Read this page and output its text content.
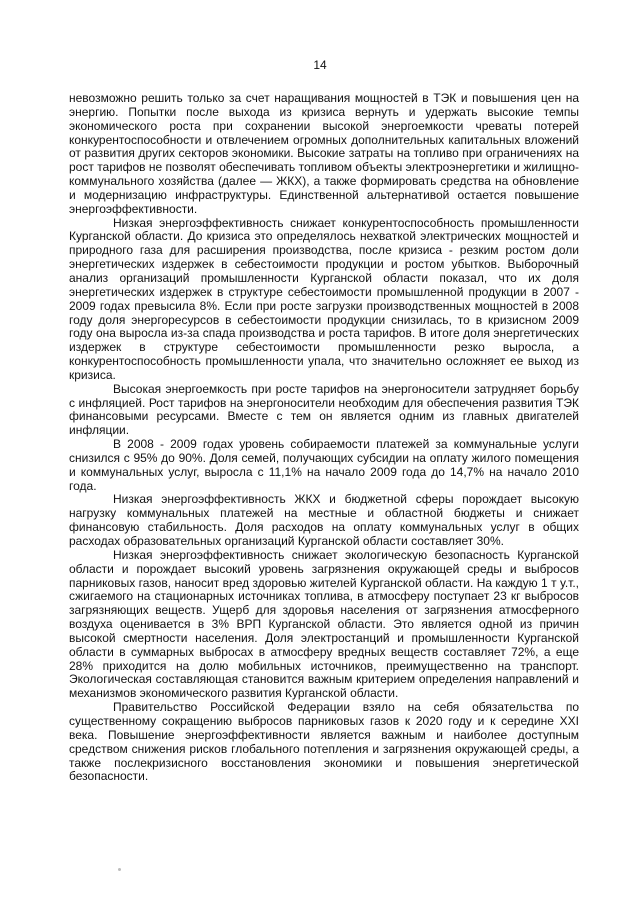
14

невозможно решить только за счет наращивания мощностей в ТЭК и повышения цен на энергию. Попытки после выхода из кризиса вернуть и удержать высокие темпы экономического роста при сохранении высокой энергоемкости чреваты потерей конкурентоспособности и отвлечением огромных дополнительных капитальных вложений от развития других секторов экономики. Высокие затраты на топливо при ограничениях на рост тарифов не позволят обеспечивать топливом объекты электроэнергетики и жилищно-коммунального хозяйства (далее — ЖКХ), а также формировать средства на обновление и модернизацию инфраструктуры. Единственной альтернативой остается повышение энергоэффективности.

Низкая энергоэффективность снижает конкурентоспособность промышленности Курганской области. До кризиса это определялось нехваткой электрических мощностей и природного газа для расширения производства, после кризиса - резким ростом доли энергетических издержек в себестоимости продукции и ростом убытков. Выборочный анализ организаций промышленности Курганской области показал, что их доля энергетических издержек в структуре себестоимости промышленной продукции в 2007 - 2009 годах превысила 8%. Если при росте загрузки производственных мощностей в 2008 году доля энергоресурсов в себестоимости продукции снизилась, то в кризисном 2009 году она выросла из-за спада производства и роста тарифов. В итоге доля энергетических издержек в структуре себестоимости промышленности резко выросла, а конкурентоспособность промышленности упала, что значительно осложняет ее выход из кризиса.

Высокая энергоемкость при росте тарифов на энергоносители затрудняет борьбу с инфляцией. Рост тарифов на энергоносители необходим для обеспечения развития ТЭК финансовыми ресурсами. Вместе с тем он является одним из главных двигателей инфляции.

В 2008 - 2009 годах уровень собираемости платежей за коммунальные услуги снизился с 95% до 90%. Доля семей, получающих субсидии на оплату жилого помещения и коммунальных услуг, выросла с 11,1% на начало 2009 года до 14,7% на начало 2010 года.

Низкая энергоэффективность ЖКХ и бюджетной сферы порождает высокую нагрузку коммунальных платежей на местные и областной бюджеты и снижает финансовую стабильность. Доля расходов на оплату коммунальных услуг в общих расходах образовательных организаций Курганской области составляет 30%.

Низкая энергоэффективность снижает экологическую безопасность Курганской области и порождает высокий уровень загрязнения окружающей среды и выбросов парниковых газов, наносит вред здоровью жителей Курганской области. На каждую 1 т у.т., сжигаемого на стационарных источниках топлива, в атмосферу поступает 23 кг выбросов загрязняющих веществ. Ущерб для здоровья населения от загрязнения атмосферного воздуха оценивается в 3% ВРП Курганской области. Это является одной из причин высокой смертности населения. Доля электростанций и промышленности Курганской области в суммарных выбросах в атмосферу вредных веществ составляет 72%, а еще 28% приходится на долю мобильных источников, преимущественно на транспорт. Экологическая составляющая становится важным критерием определения направлений и механизмов экономического развития Курганской области.

Правительство Российской Федерации взяло на себя обязательства по существенному сокращению выбросов парниковых газов к 2020 году и к середине XXI века. Повышение энергоэффективности является важным и наиболее доступным средством снижения рисков глобального потепления и загрязнения окружающей среды, а также послекризисного восстановления экономики и повышения энергетической безопасности.
